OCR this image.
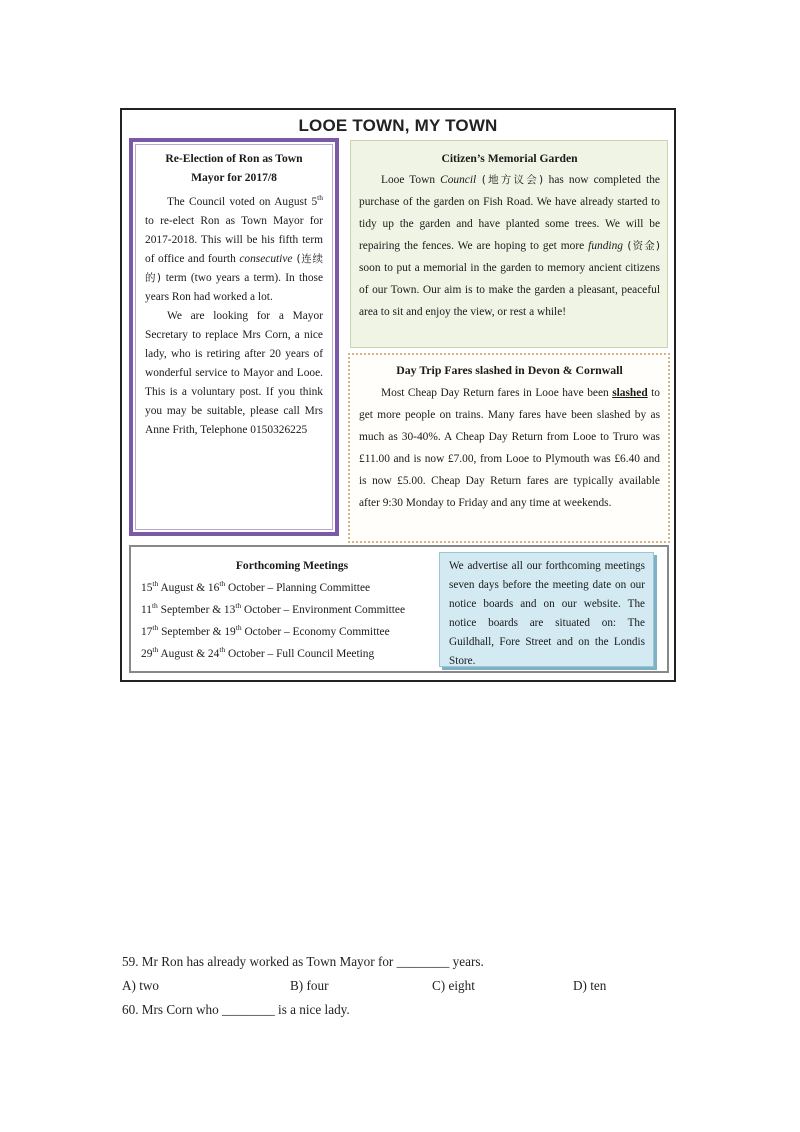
LOOE TOWN, MY TOWN
Re-Election of Ron as Town
Mayor for 2017/8

The Council voted on August 5th to re-elect Ron as Town Mayor for 2017-2018. This will be his fifth term of office and fourth consecutive (连续的) term (two years a term). In those years Ron had worked a lot.

We are looking for a Mayor Secretary to replace Mrs Corn, a nice lady, who is retiring after 20 years of wonderful service to Mayor and Looe. This is a voluntary post. If you think you may be suitable, please call Mrs Anne Frith, Telephone 0150326225

Citizen’s Memorial Garden

Looe Town Council (地方议会) has now completed the purchase of the garden on Fish Road. We have already started to tidy up the garden and have planted some trees. We will be repairing the fences. We are hoping to get more funding (资金) soon to put a memorial in the garden to memory ancient citizens of our Town. Our aim is to make the garden a pleasant, peaceful area to sit and enjoy the view, or rest a while!

Day Trip Fares slashed in Devon & Cornwall

Most Cheap Day Return fares in Looe have been slashed to get more people on trains. Many fares have been slashed by as much as 30-40%. A Cheap Day Return from Looe to Truro was £11.00 and is now £7.00, from Looe to Plymouth was £6.40 and is now £5.00. Cheap Day Return fares are typically available after 9:30 Monday to Friday and any time at weekends.

Forthcoming Meetings
15th August & 16th October – Planning Committee
11th September & 13th October – Environment Committee
17th September & 19th October – Economy Committee
29th August & 24th October – Full Council Meeting
We advertise all our forthcoming meetings seven days before the meeting date on our notice boards and on our website. The notice boards are situated on: The Guildhall, Fore Street and on the Londis Store.

59. Mr Ron has already worked as Town Mayor for ________ years.

A) two	B) four	C) eight	D) ten

60. Mrs Corn who ________ is a nice lady.
